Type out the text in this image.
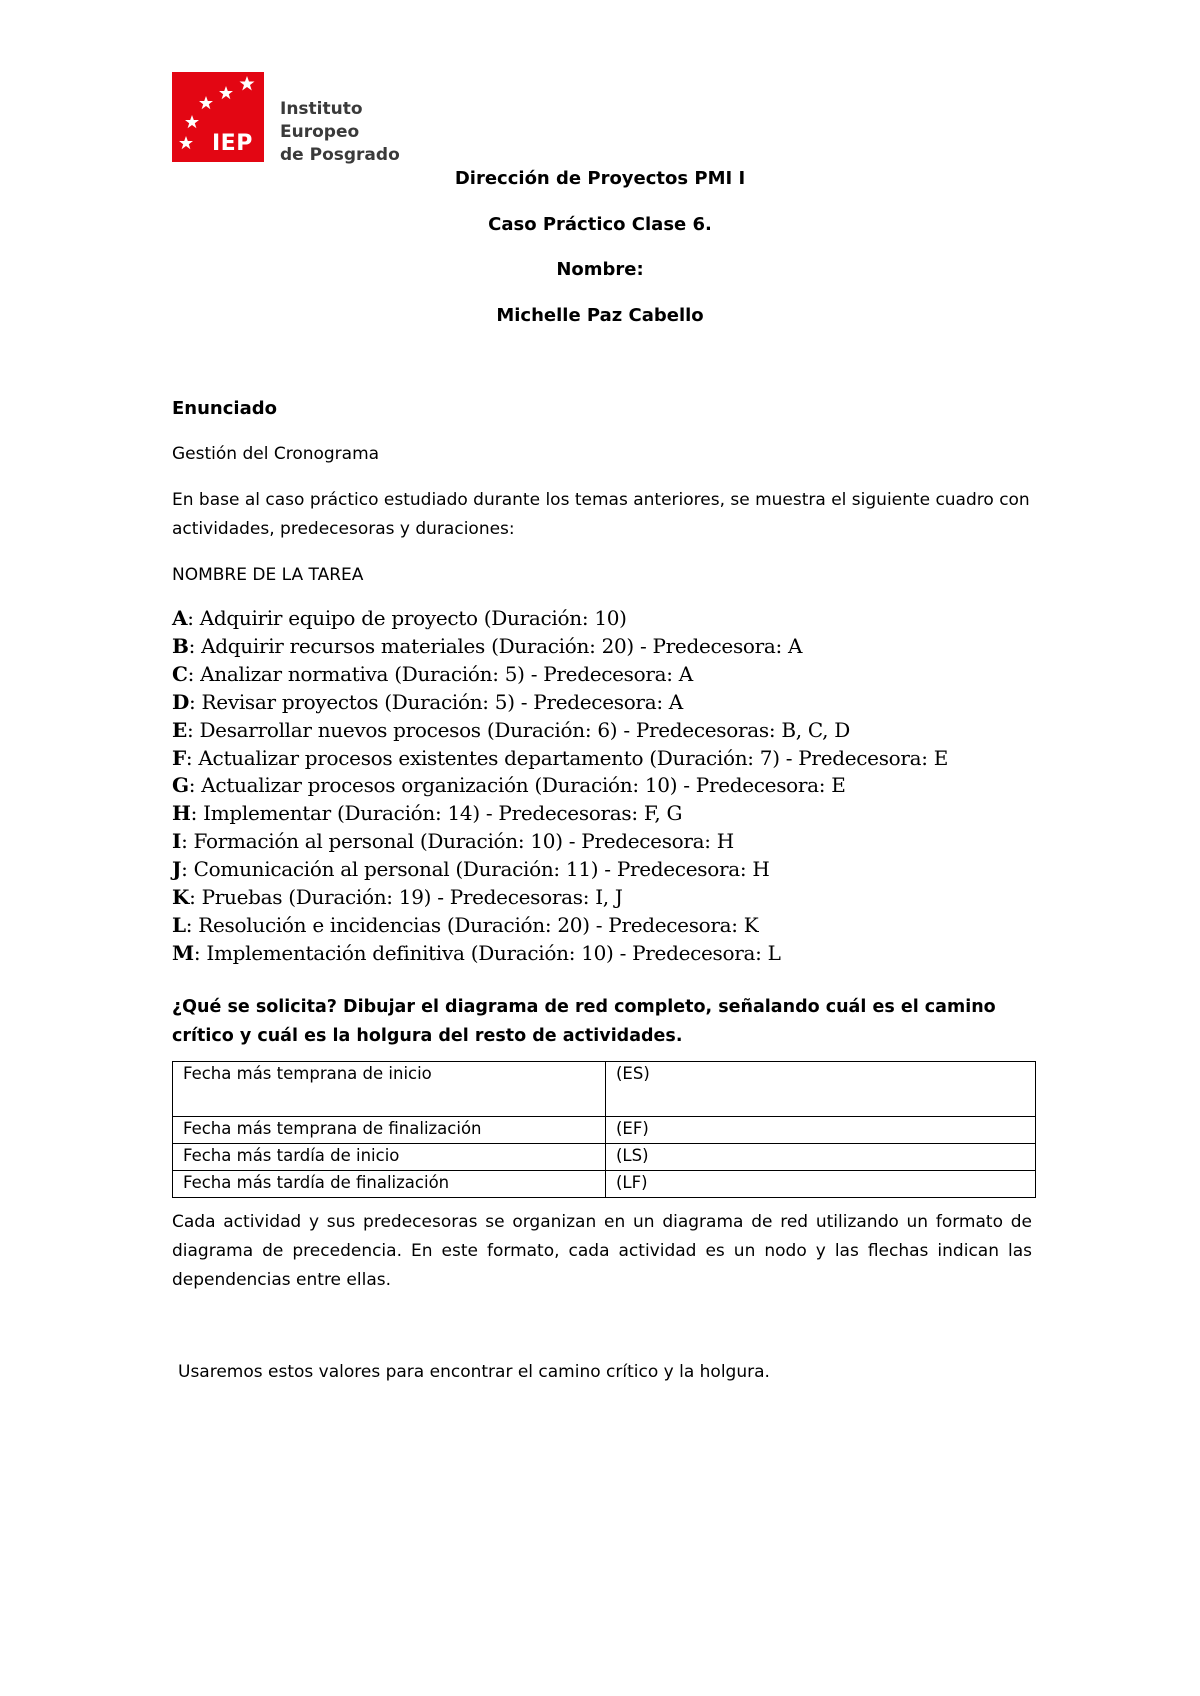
IEP
Instituto
Europeo
de Posgrado
Dirección de Proyectos PMI I
Caso Práctico Clase 6.
Nombre:
Michelle Paz Cabello
Enunciado
Gestión del Cronograma
En base al caso práctico estudiado durante los temas anteriores, se muestra el siguiente cuadro con actividades, predecesoras y duraciones:
NOMBRE DE LA TAREA
A: Adquirir equipo de proyecto (Duración: 10)
B: Adquirir recursos materiales (Duración: 20) - Predecesora: A
C: Analizar normativa (Duración: 5) - Predecesora: A
D: Revisar proyectos (Duración: 5) - Predecesora: A
E: Desarrollar nuevos procesos (Duración: 6) - Predecesoras: B, C, D
F: Actualizar procesos existentes departamento (Duración: 7) - Predecesora: E
G: Actualizar procesos organización (Duración: 10) - Predecesora: E
H: Implementar (Duración: 14) - Predecesoras: F, G
I: Formación al personal (Duración: 10) - Predecesora: H
J: Comunicación al personal (Duración: 11) - Predecesora: H
K: Pruebas (Duración: 19) - Predecesoras: I, J
L: Resolución e incidencias (Duración: 20) - Predecesora: K
M: Implementación definitiva (Duración: 10) - Predecesora: L
¿Qué se solicita? Dibujar el diagrama de red completo, señalando cuál es el camino crítico y cuál es la holgura del resto de actividades.
Fecha más temprana de inicio	(ES)
Fecha más temprana de finalización	(EF)
Fecha más tardía de inicio	(LS)
Fecha más tardía de finalización	(LF)
Cada actividad y sus predecesoras se organizan en un diagrama de red utilizando un formato de diagrama de precedencia. En este formato, cada actividad es un nodo y las flechas indican las dependencias entre ellas.
Usaremos estos valores para encontrar el camino crítico y la holgura.
